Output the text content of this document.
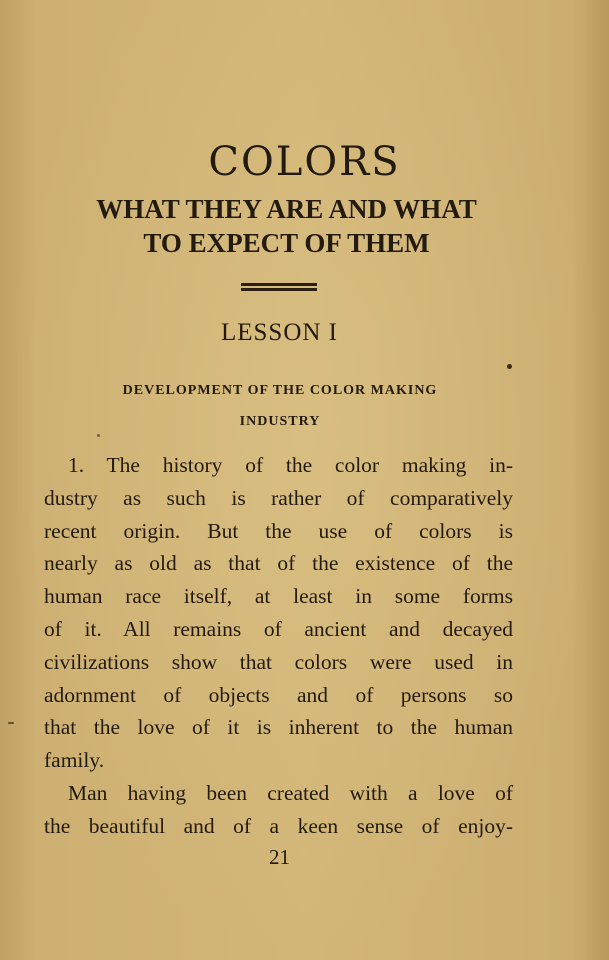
COLORS
WHAT THEY ARE AND WHAT
TO EXPECT OF THEM
LESSON I
DEVELOPMENT OF THE COLOR MAKING
INDUSTRY
1. The history of the color making in-
dustry as such is rather of comparatively
recent origin. But the use of colors is
nearly as old as that of the existence of the
human race itself, at least in some forms
of it. All remains of ancient and decayed
civilizations show that colors were used in
adornment of objects and of persons so
that the love of it is inherent to the human
family.
Man having been created with a love of
the beautiful and of a keen sense of enjoy-
21
